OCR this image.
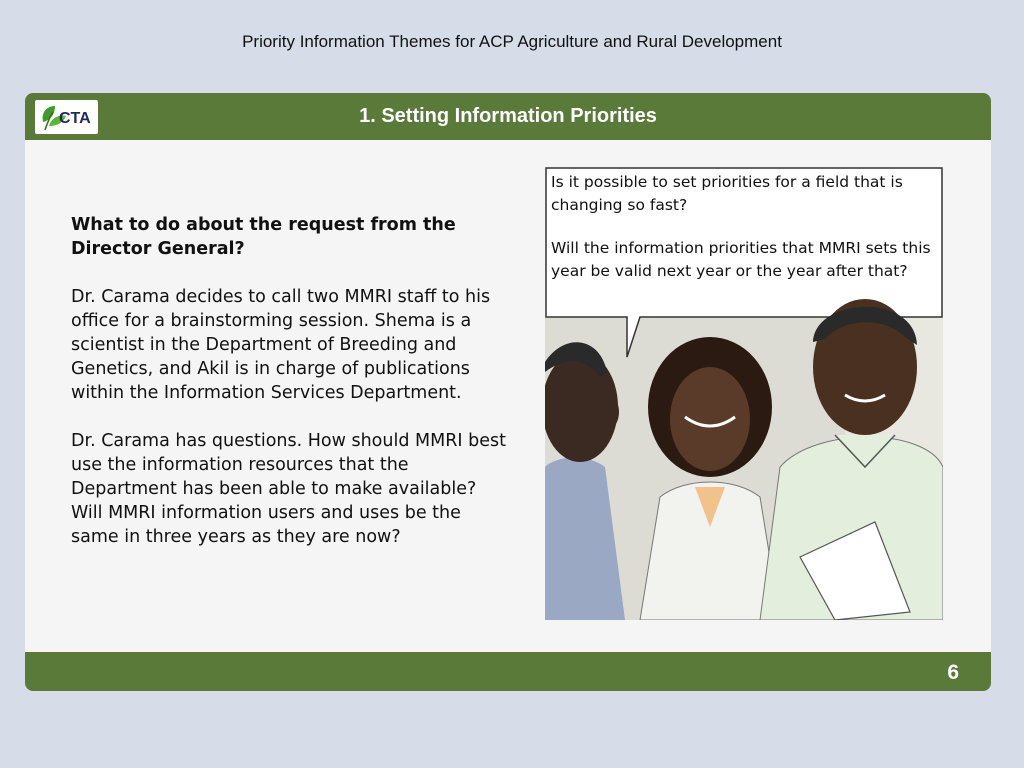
Priority Information Themes for ACP Agriculture and Rural Development
CTA	1. Setting Information Priorities

What to do about the request from the Director General?

Dr. Carama decides to call two MMRI staff to his office for a brainstorming session. Shema is a scientist in the Department of Breeding and Genetics, and Akil is in charge of publications within the Information Services Department.

Dr. Carama has questions. How should MMRI best use the information resources that the Department has been able to make available? Will MMRI information users and uses be the same in three years as they are now?

Is it possible to set priorities for a field that is changing so fast?

Will the information priorities that MMRI sets this year be valid next year or the year after that?

6
